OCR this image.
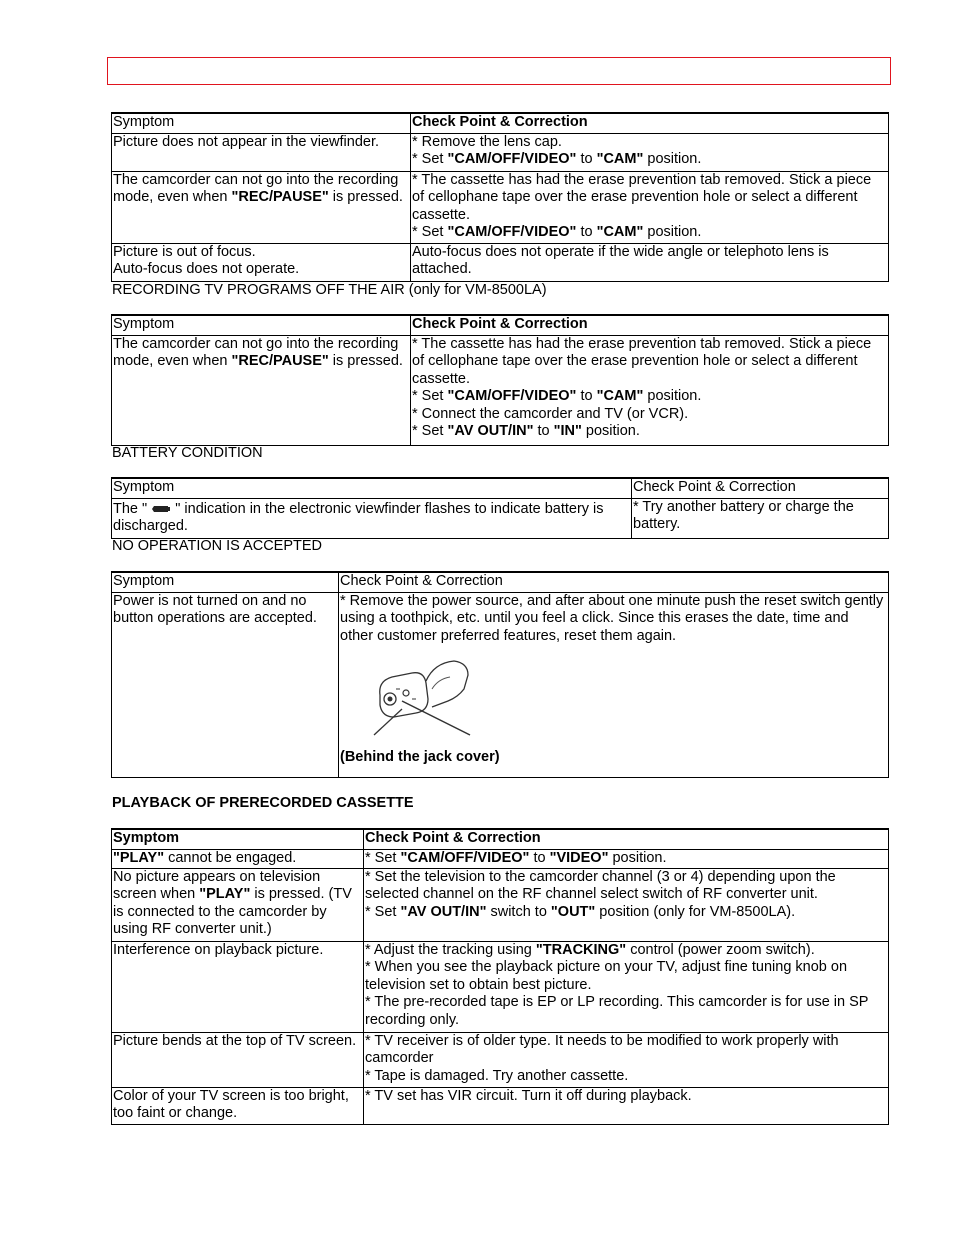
Symptom	Check Point & Correction
Picture does not appear in the viewfinder.	* Remove the lens cap.
* Set "CAM/OFF/VIDEO" to "CAM" position.

The camcorder can not go into the recording mode, even when "REC/PAUSE" is pressed.	* The cassette has had the erase prevention tab removed. Stick a piece of cellophane tape over the erase prevention hole or select a different cassette.
* Set "CAM/OFF/VIDEO" to "CAM" position.

Picture is out of focus.
Auto-focus does not operate.	Auto-focus does not operate if the wide angle or telephoto lens is attached.
RECORDING TV PROGRAMS OFF THE AIR (only for VM-8500LA)
Symptom	Check Point & Correction
The camcorder can not go into the recording mode, even when "REC/PAUSE" is pressed.	* The cassette has had the erase prevention tab removed. Stick a piece of cellophane tape over the erase prevention hole or select a different cassette.
* Set "CAM/OFF/VIDEO" to "CAM" position.
* Connect the camcorder and TV (or VCR).
* Set "AV OUT/IN" to "IN" position.
BATTERY CONDITION
Symptom	Check Point & Correction
The " " indication in the electronic viewfinder flashes to indicate battery is discharged.	* Try another battery or charge the battery.
NO OPERATION IS ACCEPTED
Symptom	Check Point & Correction
Power is not turned on and no button operations are accepted.	* Remove the power source, and after about one minute push the reset switch gently using a toothpick, etc. until you feel a click. Since this erases the date, time and
other customer preferred features, reset them again.
(Behind the jack cover)
PLAYBACK OF PRERECORDED CASSETTE
Symptom	Check Point & Correction
"PLAY" cannot be engaged.	* Set "CAM/OFF/VIDEO" to "VIDEO" position.
No picture appears on television screen when "PLAY" is pressed. (TV is connected to the camcorder by using RF converter unit.)	* Set the television to the camcorder channel (3 or 4) depending upon the selected channel on the RF channel select switch of RF converter unit.
* Set "AV OUT/IN" switch to "OUT" position (only for VM-8500LA).

Interference on playback picture.	* Adjust the tracking using "TRACKING" control (power zoom switch).
* When you see the playback picture on your TV, adjust fine tuning knob on television set to obtain best picture.
* The pre-recorded tape is EP or LP recording. This camcorder is for use in SP recording only.

Picture bends at the top of TV screen.	* TV receiver is of older type. It needs to be modified to work properly with camcorder
* Tape is damaged. Try another cassette.

Color of your TV screen is too bright, too faint or change.	* TV set has VIR circuit. Turn it off during playback.
